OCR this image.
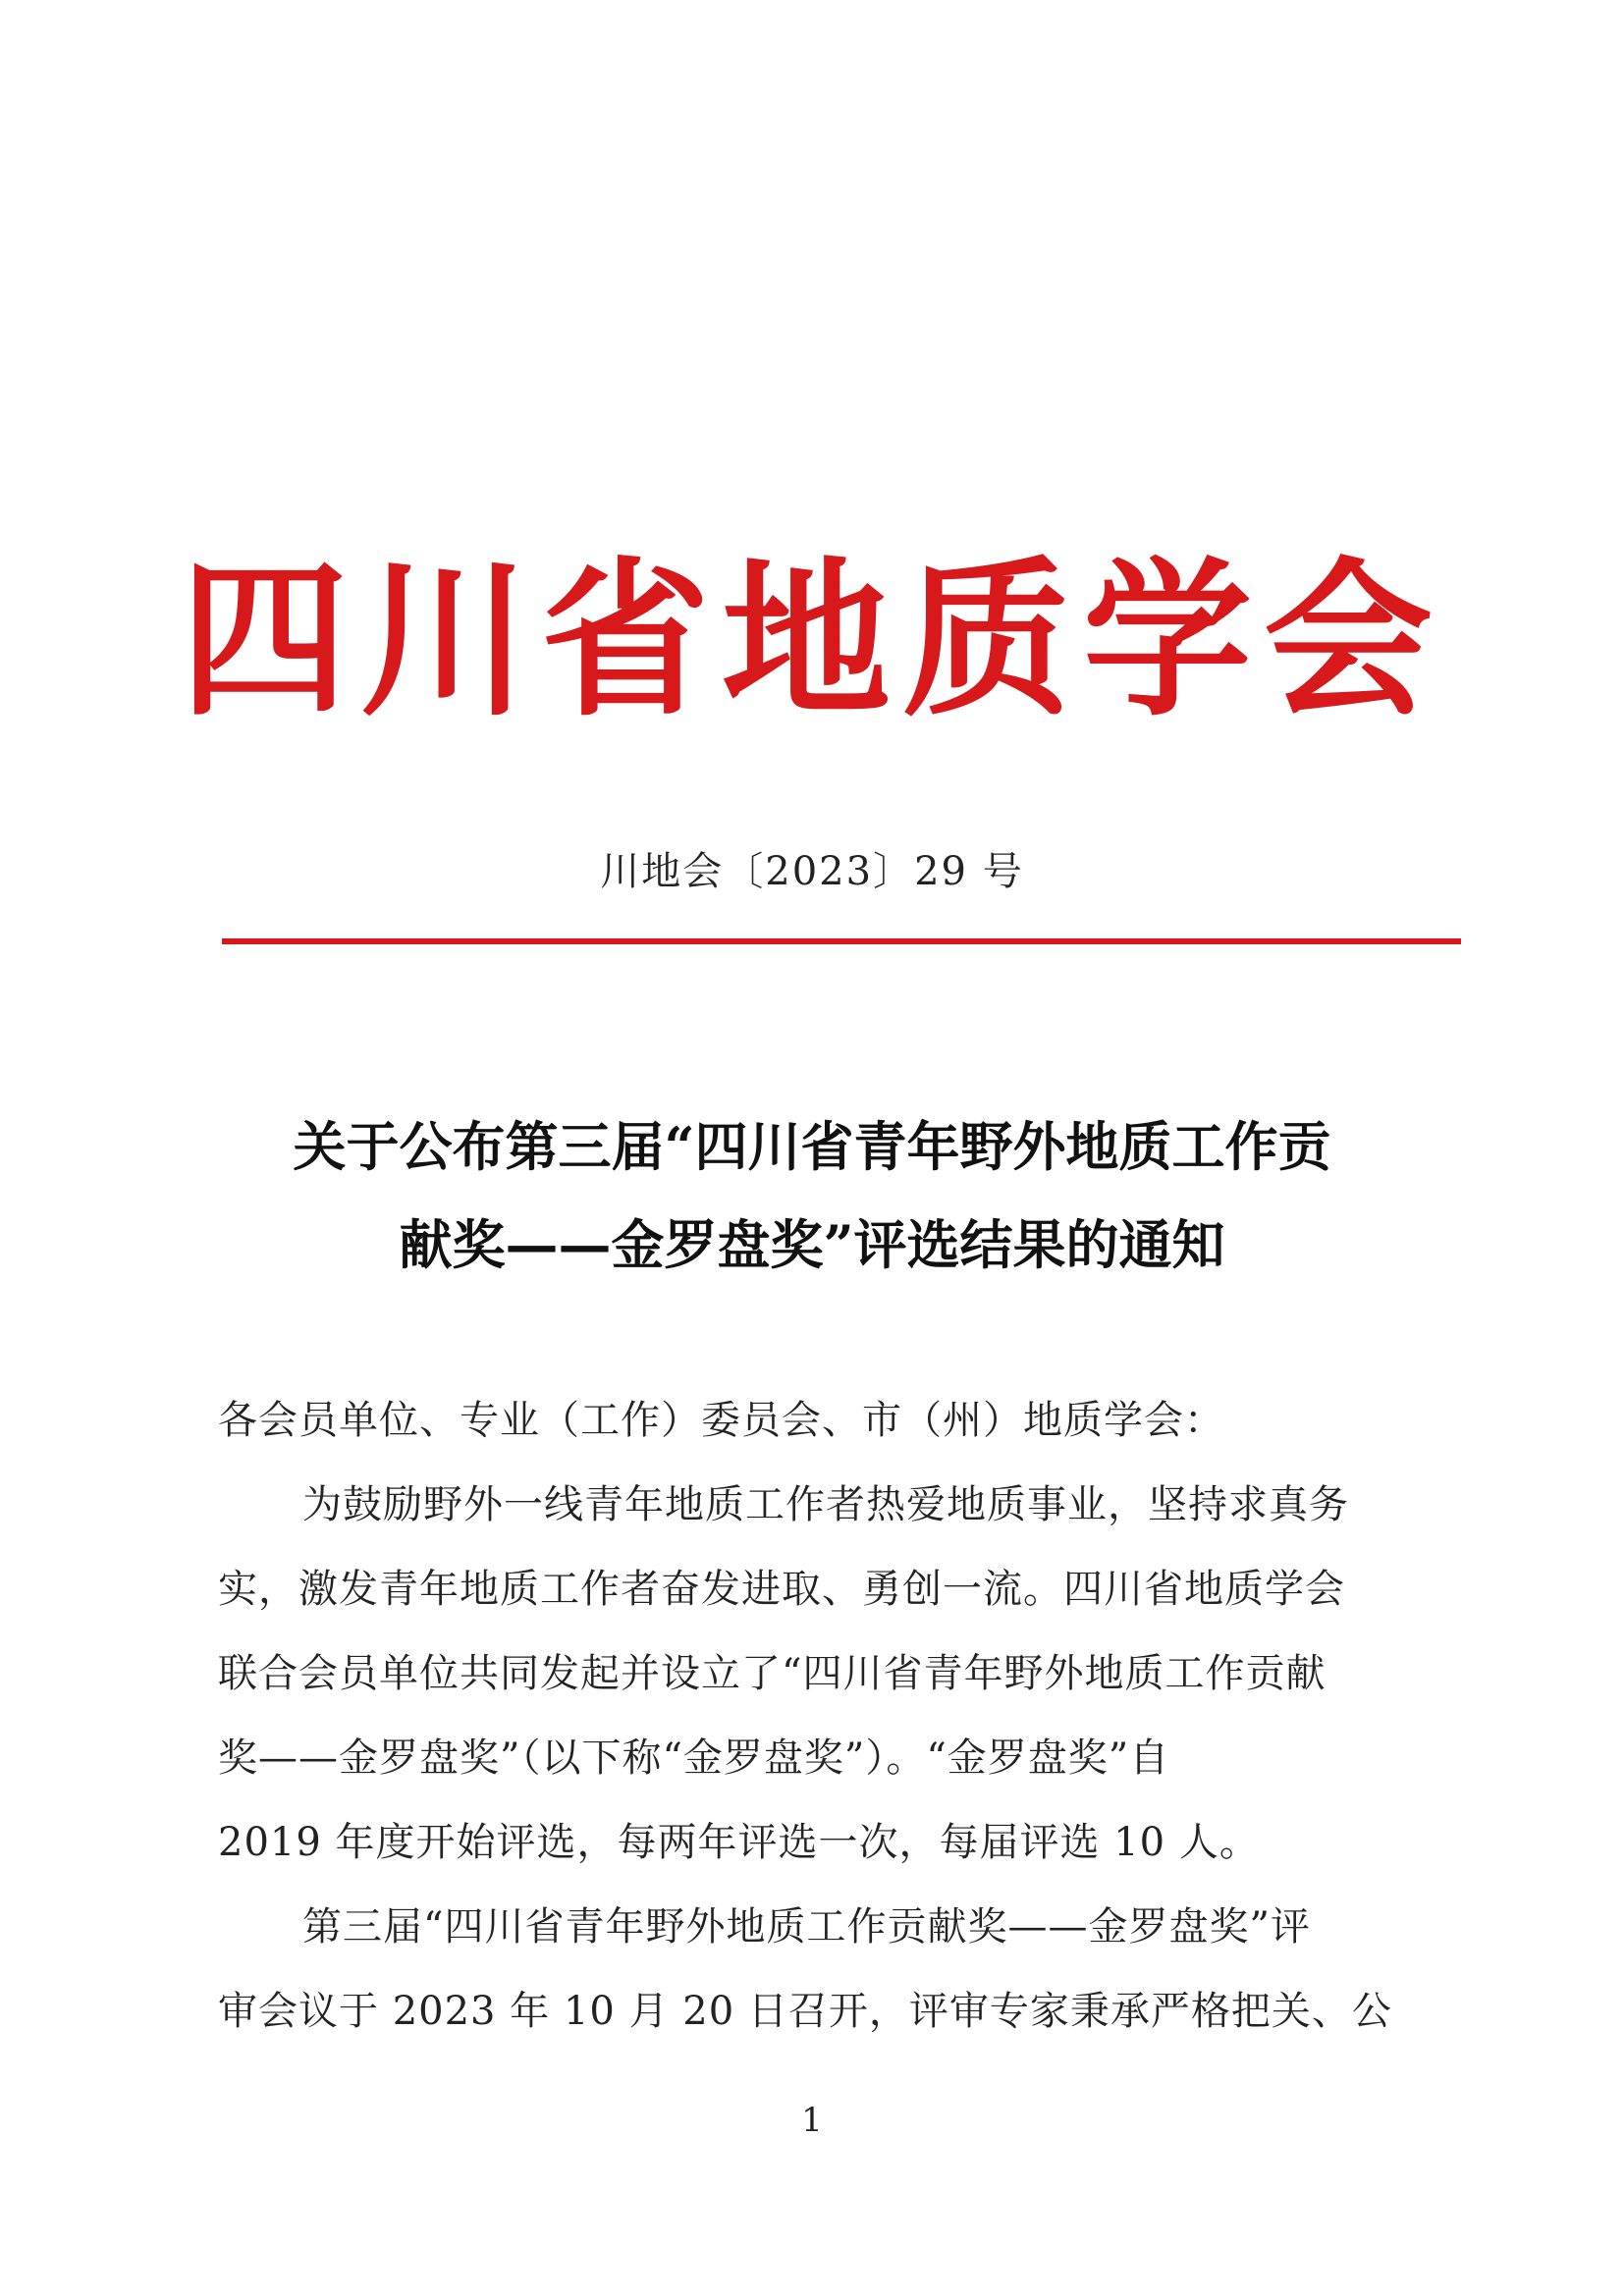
四川省地质学会
川地会〔2023〕29 号
关于公布第三届“四川省青年野外地质工作贡
献奖——金罗盘奖”评选结果的通知
各会员单位、专业（工作）委员会、市（州）地质学会：
为鼓励野外一线青年地质工作者热爱地质事业，坚持求真务
实，激发青年地质工作者奋发进取、勇创一流。四川省地质学会
联合会员单位共同发起并设立了“四川省青年野外地质工作贡献
奖——金罗盘奖”（以下称“金罗盘奖”）。“金罗盘奖”自
2019 年度开始评选，每两年评选一次，每届评选 10 人。
第三届“四川省青年野外地质工作贡献奖——金罗盘奖”评
审会议于 2023 年 10 月 20 日召开，评审专家秉承严格把关、公
1
